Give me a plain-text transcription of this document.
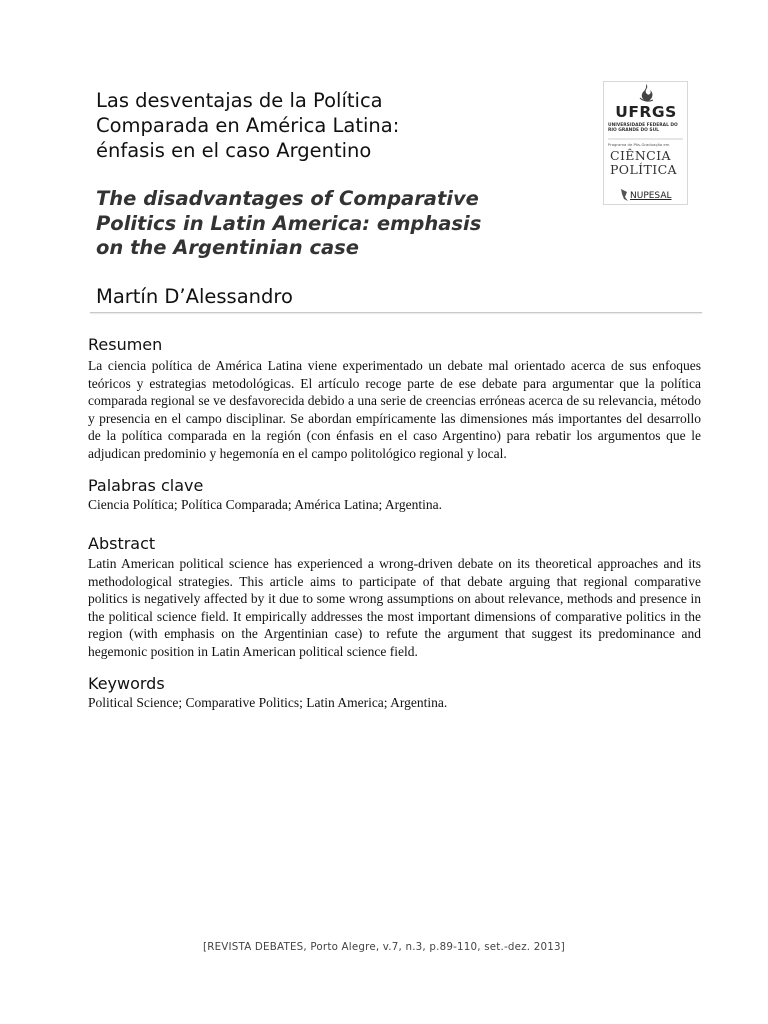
Las desventajas de la Política
Comparada en América Latina:
énfasis en el caso Argentino
The disadvantages of Comparative
Politics in Latin America: emphasis
on the Argentinian case

Martín D’Alessandro

UFRGS
UNIVERSIDADE FEDERAL DO RIO GRANDE DO SUL
Programa de Pós-Graduação em
CIÊNCIA
POLÍTICA
NUPESAL
Resumen

La ciencia política de América Latina viene experimentado un debate mal orientado acerca de sus enfoques teóricos y estrategias metodológicas. El artículo recoge parte de ese debate para argumentar que la política comparada regional se ve desfavorecida debido a una serie de creencias erróneas acerca de su relevancia, método y presencia en el campo disciplinar. Se abordan empíricamente las dimensiones más importantes del desarrollo de la política comparada en la región (con énfasis en el caso Argentino) para rebatir los argumentos que le adjudican predominio y hegemonía en el campo politológico regional y local.

Palabras clave

Ciencia Política; Política Comparada; América Latina; Argentina.

Abstract

Latin American political science has experienced a wrong-driven debate on its theoretical approaches and its methodological strategies. This article aims to participate of that debate arguing that regional comparative politics is negatively affected by it due to some wrong assumptions on about relevance, methods and presence in the political science field. It empirically addresses the most important dimensions of comparative politics in the region (with emphasis on the Argentinian case) to refute the argument that suggest its predominance and hegemonic position in Latin American political science field.

Keywords

Political Science; Comparative Politics; Latin America; Argentina.

[REVISTA DEBATES, Porto Alegre, v.7, n.3, p.89-110, set.-dez. 2013]
